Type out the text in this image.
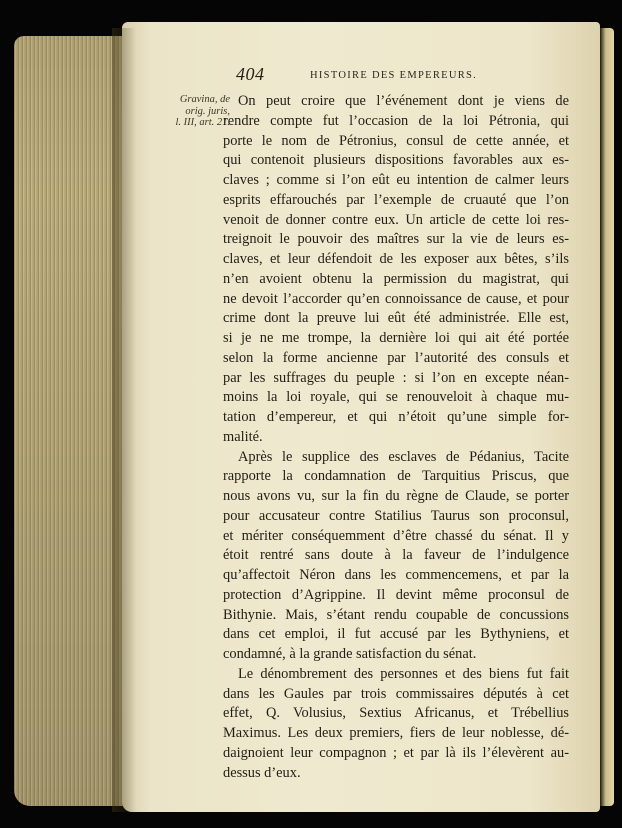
404	HISTOIRE DES EMPEREURS.
Gravina, de
orig. juris,
l. III, art. 21.
On peut croire que l’événement dont je viens de
rendre compte fut l’occasion de la loi Pétronia, qui
porte le nom de Pétronius, consul de cette année, et
qui contenoit plusieurs dispositions favorables aux es-
claves ; comme si l’on eût eu intention de calmer leurs
esprits effarouchés par l’exemple de cruauté que l’on
venoit de donner contre eux. Un article de cette loi res-
treignoit le pouvoir des maîtres sur la vie de leurs es-
claves, et leur défendoit de les exposer aux bêtes, s’ils
n’en avoient obtenu la permission du magistrat, qui
ne devoit l’accorder qu’en connoissance de cause, et pour
crime dont la preuve lui eût été administrée. Elle est,
si je ne me trompe, la dernière loi qui ait été portée
selon la forme ancienne par l’autorité des consuls et
par les suffrages du peuple : si l’on en excepte néan-
moins la loi royale, qui se renouveloit à chaque mu-
tation d’empereur, et qui n’étoit qu’une simple for-
malité.
Après le supplice des esclaves de Pédanius, Tacite
rapporte la condamnation de Tarquitius Priscus, que
nous avons vu, sur la fin du règne de Claude, se porter
pour accusateur contre Statilius Taurus son proconsul,
et mériter conséquemment d’être chassé du sénat. Il y
étoit rentré sans doute à la faveur de l’indulgence
qu’affectoit Néron dans les commencemens, et par la
protection d’Agrippine. Il devint même proconsul de
Bithynie. Mais, s’étant rendu coupable de concussions
dans cet emploi, il fut accusé par les Bythyniens, et
condamné, à la grande satisfaction du sénat.
Le dénombrement des personnes et des biens fut fait
dans les Gaules par trois commissaires députés à cet
effet, Q. Volusius, Sextius Africanus, et Trébellius
Maximus. Les deux premiers, fiers de leur noblesse, dé-
daignoient leur compagnon ; et par là ils l’élevèrent au-
dessus d’eux.
